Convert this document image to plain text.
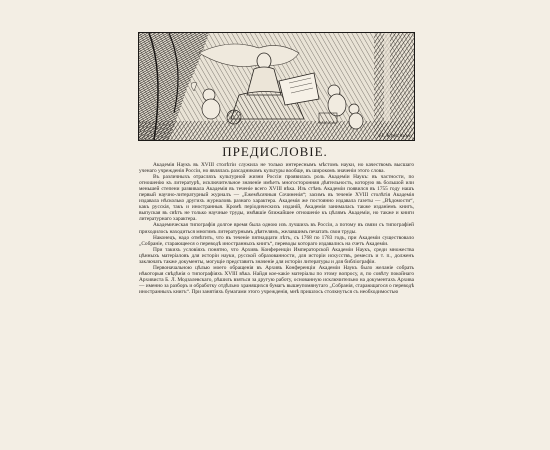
Н. Крестов
ПРЕДИСЛОВІЕ.

Академія Наукъ въ XVIII столѣтіи служила не только интереснымъ мѣстомъ науки, но качествомъ высшаго ученаго учрежденія Россіи, но являлась разсадникомъ культуры вообще, въ широкомъ значеніи этого слова.

Въ различныхъ отрасляхъ культурной жизни Россіи проявилась роль Академіи Наукъ: въ частности, по отношенію къ литературѣ, исключительное значеніе имѣетъ многосторонняя дѣятельность, которую въ большой или меньшей степени развивала Академія въ теченіе всего XVIII вѣка. Изъ стѣнъ Академіи появился въ 1755 году нашъ первый научно-литературный журналъ — „Ежемѣсячныя Сочиненія“; засимъ въ теченіе XVIII столѣтія Академія издавала нѣсколько другихъ журналовъ разнаго характера. Академія же постоянно издавала газеты — „Вѣдомости“, какъ русскія, такъ и иностранныя. Кромѣ періодическихъ изданій, Академія занималась также изданіемъ книгъ, выпуская въ свѣтъ не только научные труды, имѣвшіе ближайшее отношеніе къ цѣлямъ Академіи, но также и книги литературнаго характера.

Академическая типографія долгое время была одною изъ лучшихъ въ Россіи, а потому въ связи съ типографіей приходилось находиться многимъ литературнымъ дѣятелямъ, желавшимъ печатать свои труды.

Наконецъ, надо отмѣтить, что въ теченіе пятнадцати лѣтъ, съ 1768 по 1783 годъ, при Академіи существовало „Собраніе, старающееся о переводѣ иностранныхъ книгъ“, переводы котораго издавались на счетъ Академіи.

При такихъ условіяхъ понятно, что Архивъ Конференціи Императорской Академіи Наукъ, среди множества цѣнныхъ матеріаловъ для исторіи науки, русской образованности, для исторіи искусствъ, ремеслъ и т. п., долженъ заключать также документы, могущіе представить значеніе для исторіи литературы и для библіографіи.

Первоначальною цѣлью моего обращенія въ Архивъ Конференціи Академіи Наукъ было желаніе собрать нѣкоторыя свѣдѣнія о типографіяхъ XVIII вѣка. Найдя кое-какіе матеріалы по этому вопросу, я, по совѣту покойнаго Архивиста Б. Л. Модзалевскаго, рѣшилъ взяться за другую работу, основанную исключительно на документахъ Архива — именно за разборъ и обработку отдѣльно хранящихся бумагъ вышеупомянутаго „Собранія, старающагося о переводѣ иностранныхъ книгъ“. При занятіяхъ бумагами этого учрежденія, мнѣ пришлось столкнуться съ необходимостью
